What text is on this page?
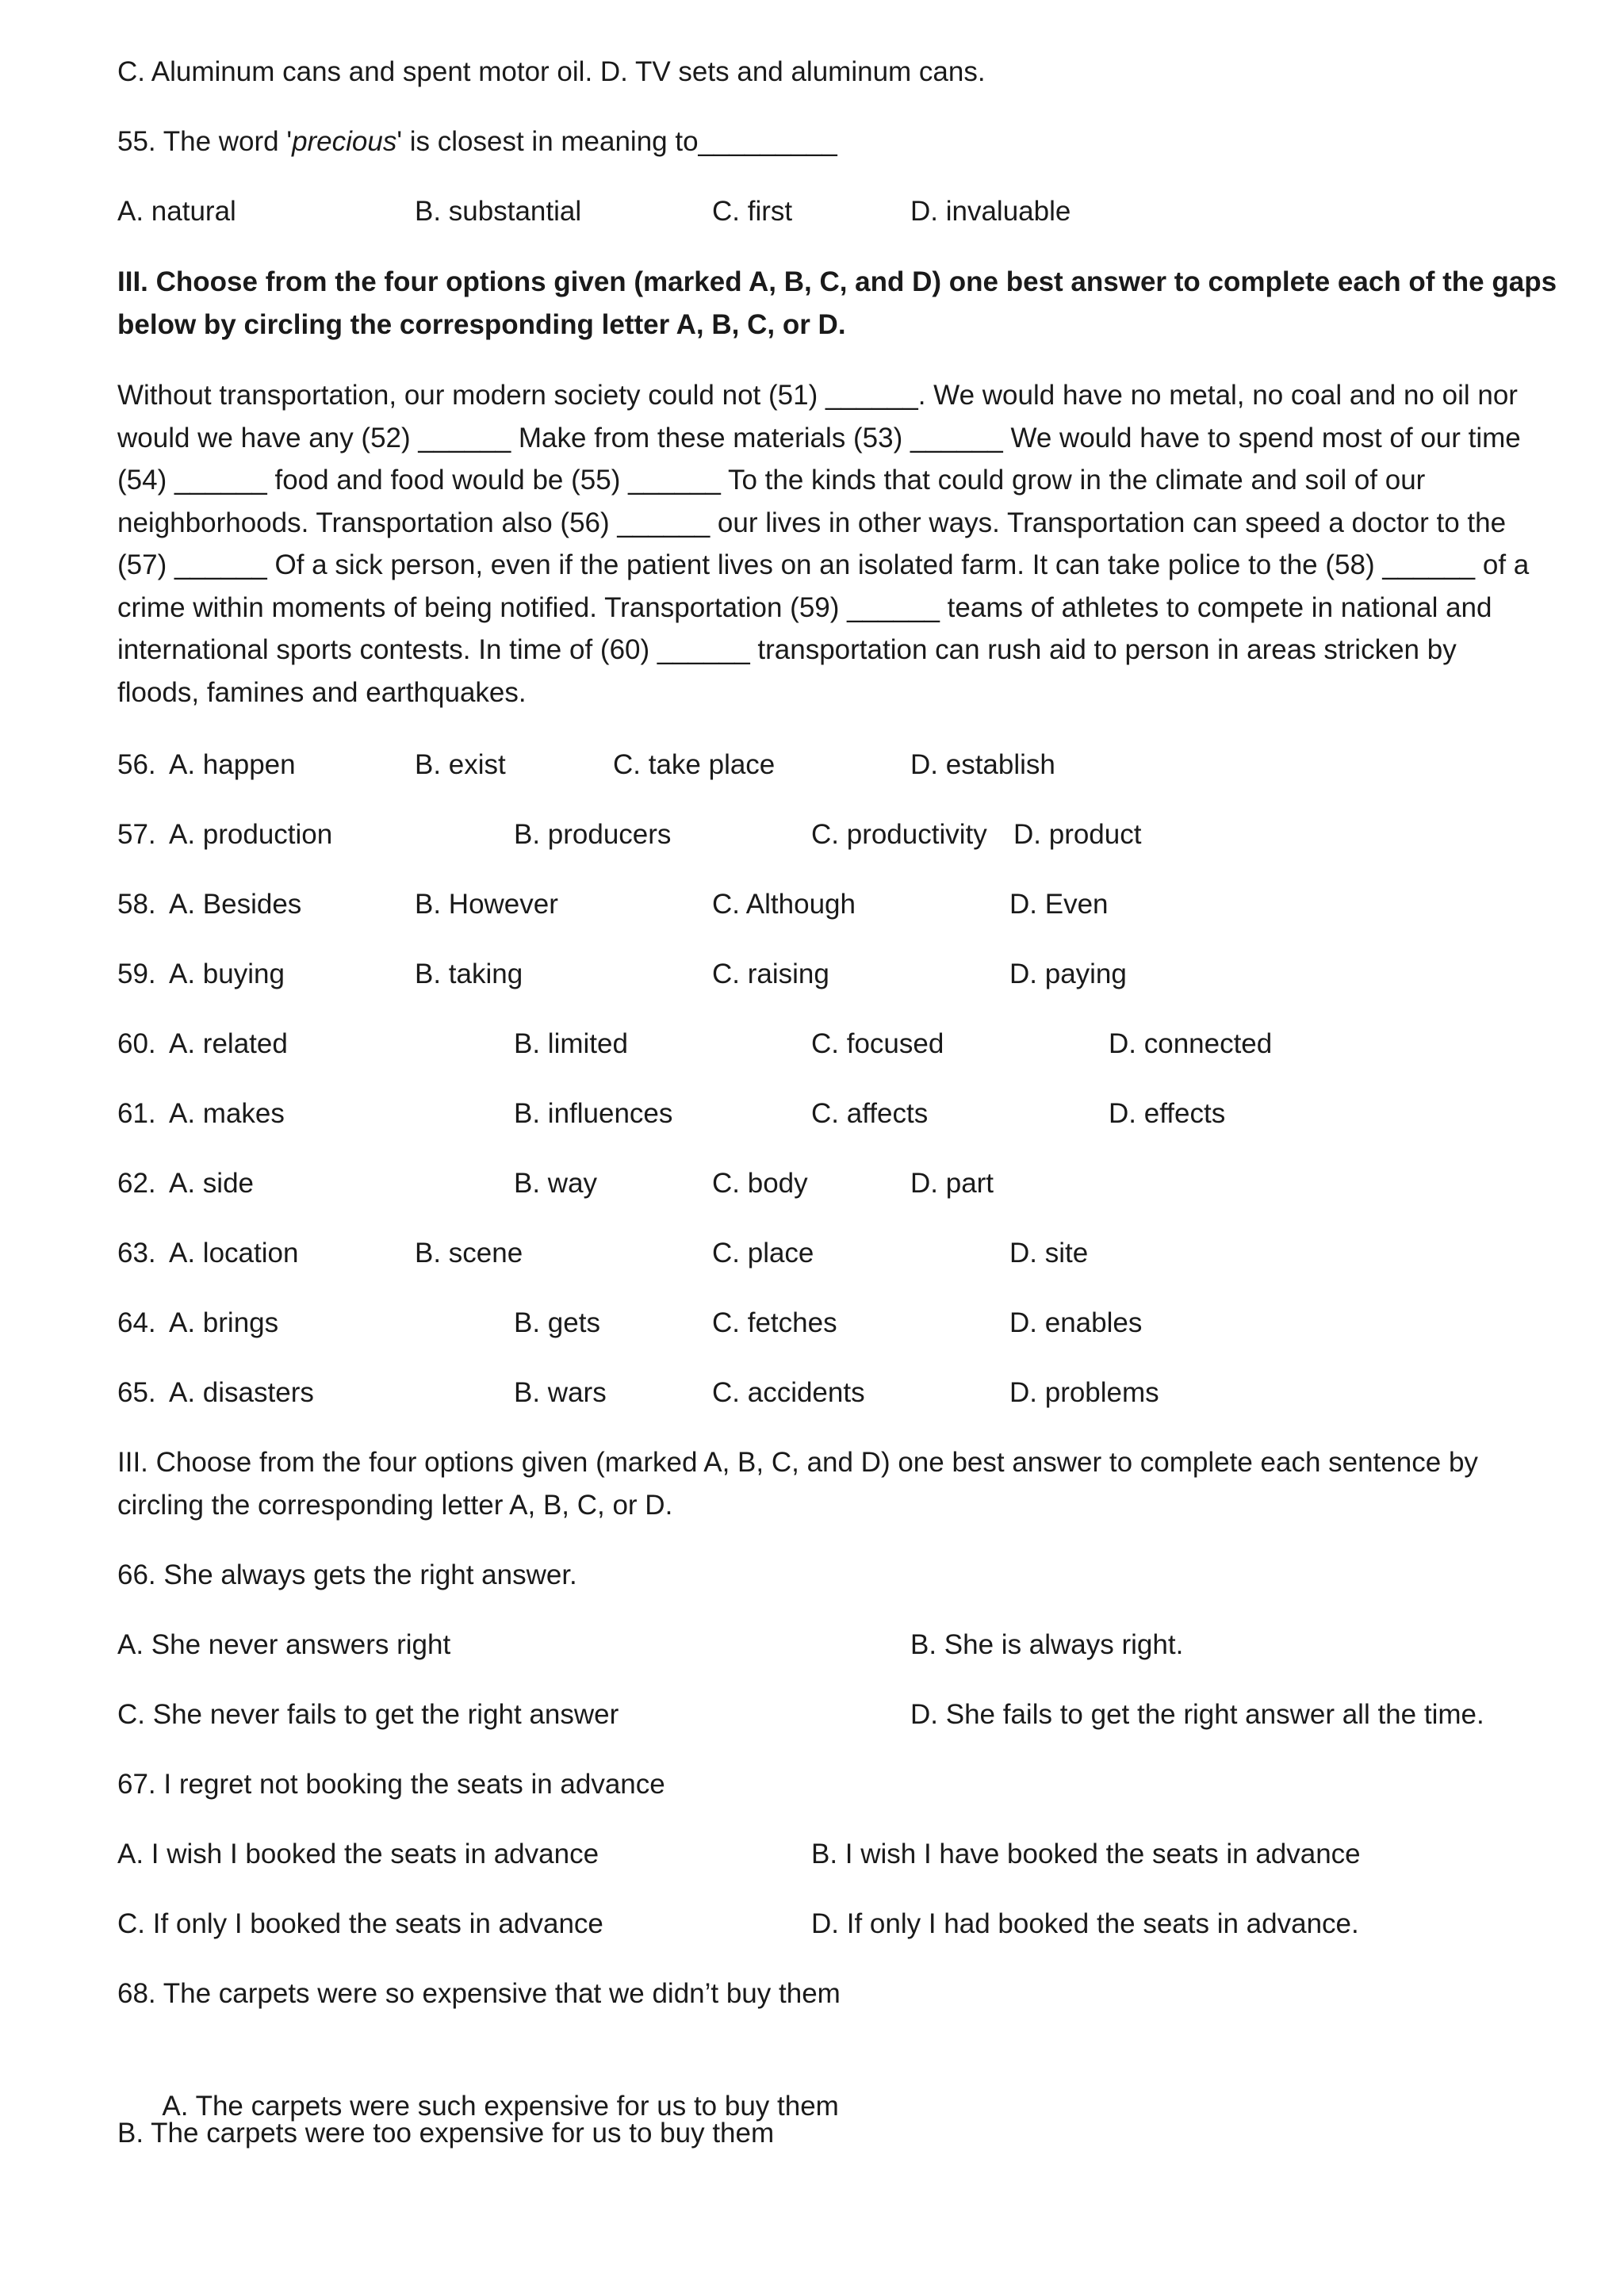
C. Aluminum cans and spent motor oil. D. TV sets and aluminum cans.
55. The word 'precious' is closest in meaning to_________
A. natural	B. substantial	C. first	D. invaluable
III. Choose from the four options given (marked A, B, C, and D) one best answer to complete each of the gaps
below by circling the corresponding letter A, B, C, or D.
Without transportation, our modern society could not (51) ______. We would have no metal, no coal and no oil nor
would we have any (52) ______ Make from these materials (53) ______ We would have to spend most of our time
(54) ______ food and food would be (55) ______ To the kinds that could grow in the climate and soil of our
neighborhoods. Transportation also (56) ______ our lives in other ways. Transportation can speed a doctor to the
(57) ______ Of a sick person, even if the patient lives on an isolated farm. It can take police to the (58) ______ of a
crime within moments of being notified. Transportation (59) ______ teams of athletes to compete in national and
international sports contests. In time of (60) ______ transportation can rush aid to person in areas stricken by
floods, famines and earthquakes.
56. A. happen	B. exist	C. take place	D. establish
57. A. production	B. producers	C. productivity D. product
58. A. Besides	B. However	C. Although	D. Even
59. A. buying	B. taking	C. raising	D. paying
60. A. related	B. limited	C. focused	D. connected
61. A. makes	B. influences	C. affects	D. effects
62. A. side	B. way	C. body	D. part
63. A. location	B. scene	C. place	D. site
64. A. brings	B. gets	C. fetches	D. enables
65. A. disasters	B. wars	C. accidents	D. problems
III. Choose from the four options given (marked A, B, C, and D) one best answer to complete each sentence by
circling the corresponding letter A, B, C, or D.
66. She always gets the right answer.
A. She never answers right	B. She is always right.
C. She never fails to get the right answer	D. She fails to get the right answer all the time.
67. I regret not booking the seats in advance
A. I wish I booked the seats in advance	B. I wish I have booked the seats in advance
C. If only I booked the seats in advance	D. If only I had booked the seats in advance.
68. The carpets were so expensive that we didn’t buy them

A. The carpets were such expensive for us to buy them

B. The carpets were too expensive for us to buy them
